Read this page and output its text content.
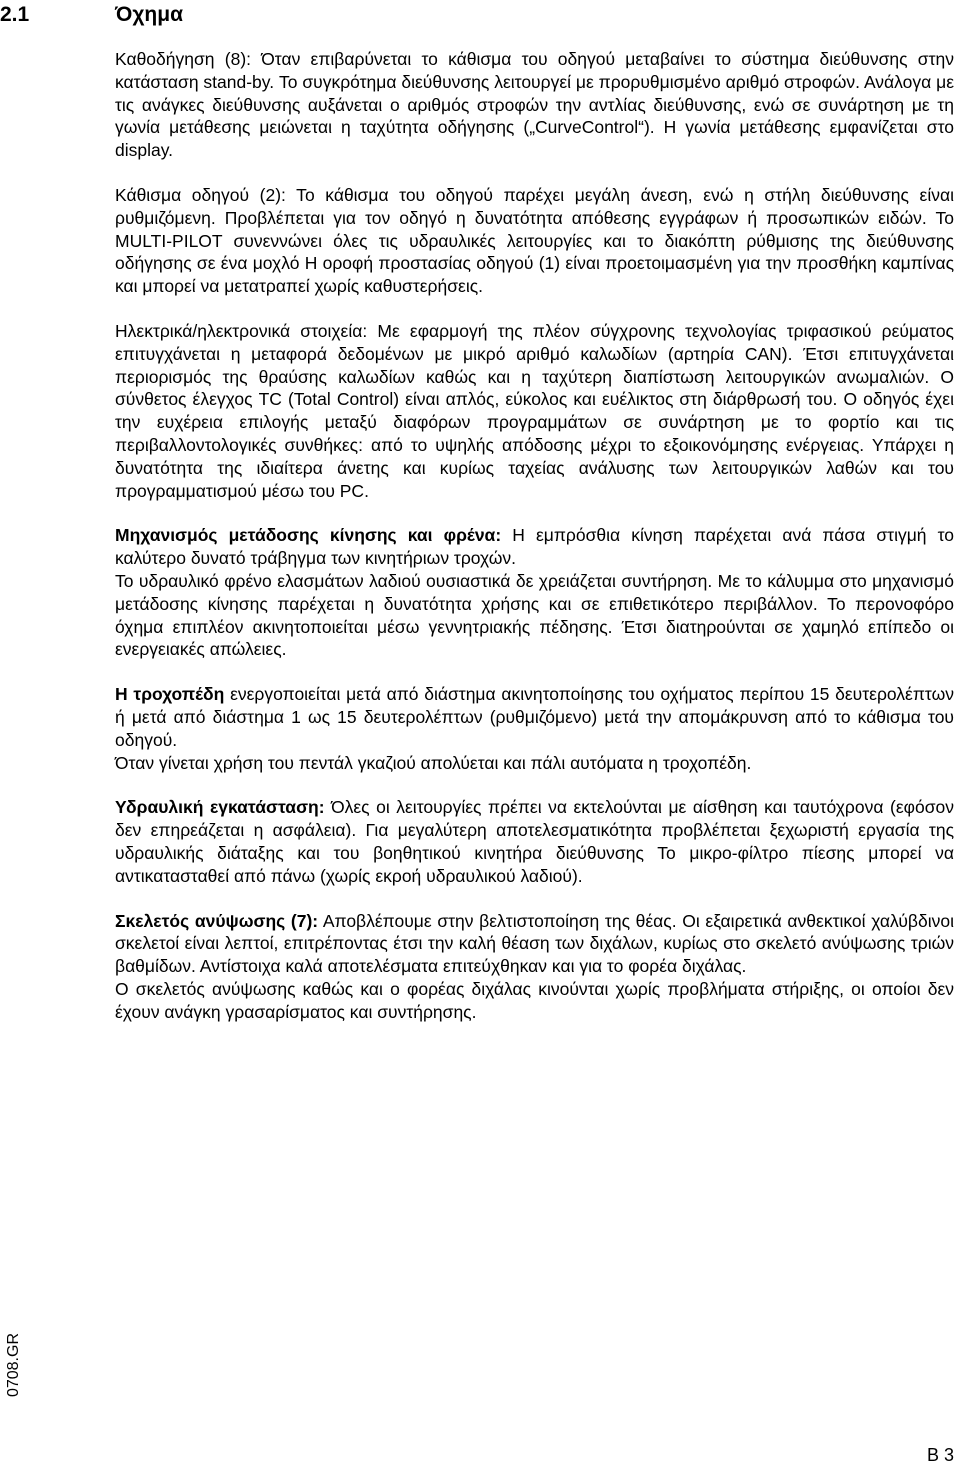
2.1	Όχημα

Καθοδήγηση (8): Όταν επιβαρύνεται το κάθισμα του οδηγού μεταβαίνει το σύστημα διεύθυνσης στην κατάσταση stand-by. Το συγκρότημα διεύθυνσης λειτουργεί με προρυθμισμένο αριθμό στροφών. Ανάλογα με τις ανάγκες διεύθυνσης αυξάνεται ο αριθμός στροφών την αντλίας διεύθυνσης, ενώ σε συνάρτηση με τη γωνία μετάθεσης μειώνεται η ταχύτητα οδήγησης („CurveControl“). Η γωνία μετάθεσης εμφανίζεται στο display.

Κάθισμα οδηγού (2): Το κάθισμα του οδηγού παρέχει μεγάλη άνεση, ενώ η στήλη διεύθυνσης είναι ρυθμιζόμενη. Προβλέπεται για τον οδηγό η δυνατότητα απόθεσης εγγράφων ή προσωπικών ειδών. Το MULTI-PILOT συνεννώνει όλες τις υδραυλικές λειτουργίες και το διακόπτη ρύθμισης της διεύθυνσης οδήγησης σε ένα μοχλό Η οροφή προστασίας οδηγού (1) είναι προετοιμασμένη για την προσθήκη καμπίνας και μπορεί να μετατραπεί χωρίς καθυστερήσεις.

Ηλεκτρικά/ηλεκτρονικά στοιχεία: Με εφαρμογή της πλέον σύγχρονης τεχνολογίας τριφασικού ρεύματος επιτυγχάνεται η μεταφορά δεδομένων με μικρό αριθμό καλωδίων (αρτηρία CAN). Έτσι επιτυγχάνεται περιορισμός της θραύσης καλωδίων καθώς και η ταχύτερη διαπίστωση λειτουργικών ανωμαλιών. Ο σύνθετος έλεγχος TC (Total Control) είναι απλός, εύκολος και ευέλικτος στη διάρθρωσή του. Ο οδηγός έχει την ευχέρεια επιλογής μεταξύ διαφόρων προγραμμάτων σε συνάρτηση με το φορτίο και τις περιβαλλοντολογικές συνθήκες: από το υψηλής απόδοσης μέχρι το εξοικονόμησης ενέργειας. Υπάρχει η δυνατότητα της ιδιαίτερα άνετης και κυρίως ταχείας ανάλυσης των λειτουργικών λαθών και του προγραμματισμού μέσω του PC.

Μηχανισμός μετάδοσης κίνησης και φρένα: Η εμπρόσθια κίνηση παρέχεται ανά πάσα στιγμή το καλύτερο δυνατό τράβηγμα των κινητήριων τροχών.

Το υδραυλικό φρένο ελασμάτων λαδιού ουσιαστικά δε χρειάζεται συντήρηση. Με το κάλυμμα στο μηχανισμό μετάδοσης κίνησης παρέχεται η δυνατότητα χρήσης και σε επιθετικότερο περιβάλλον. Το περονοφόρο όχημα επιπλέον ακινητοποιείται μέσω γεννητριακής πέδησης. Έτσι διατηρούνται σε χαμηλό επίπεδο οι ενεργειακές απώλειες.

Η τροχοπέδη ενεργοποιείται μετά από διάστημα ακινητοποίησης του οχήματος περίπου 15 δευτερολέπτων ή μετά από διάστημα 1 ως 15 δευτερολέπτων (ρυθμιζόμενο) μετά την απομάκρυνση από το κάθισμα του οδηγού.

Όταν γίνεται χρήση του πεντάλ γκαζιού απολύεται και πάλι αυτόματα η τροχοπέδη.

Υδραυλική εγκατάσταση: Όλες οι λειτουργίες πρέπει να εκτελούνται με αίσθηση και ταυτόχρονα (εφόσον δεν επηρεάζεται η ασφάλεια). Για μεγαλύτερη αποτελεσματικότητα προβλέπεται ξεχωριστή εργασία της υδραυλικής διάταξης και του βοηθητικού κινητήρα διεύθυνσης Το μικρο-φίλτρο πίεσης μπορεί να αντικατασταθεί από πάνω (χωρίς εκροή υδραυλικού λαδιού).

Σκελετός ανύψωσης (7): Αποβλέπουμε στην βελτιστοποίηση της θέας. Οι εξαιρετικά ανθεκτικοί χαλύβδινοι σκελετοί είναι λεπτοί, επιτρέποντας έτσι την καλή θέαση των διχάλων, κυρίως στο σκελετό ανύψωσης τριών βαθμίδων. Αντίστοιχα καλά αποτελέσματα επιτεύχθηκαν και για το φορέα διχάλας.

Ο σκελετός ανύψωσης καθώς και ο φορέας διχάλας κινούνται χωρίς προβλήματα στήριξης, οι οποίοι δεν έχουν ανάγκη γρασαρίσματος και συντήρησης.

0708.GR
B 3
